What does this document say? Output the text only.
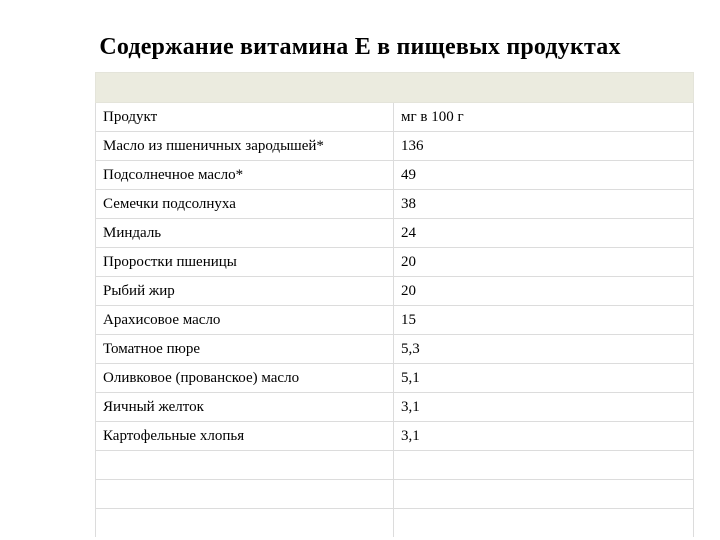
Содержание витамина Е в пищевых продуктах

Продукт	мг в 100 г
Масло из пшеничных зародышей*	136
Подсолнечное масло*	49
Семечки подсолнуха	38
Миндаль	24
Проростки пшеницы	20
Рыбий жир	20
Арахисовое масло	15
Томатное пюре	5,3
Оливковое (прованское) масло	5,1
Яичный желток	3,1
Картофельные хлопья	3,1
